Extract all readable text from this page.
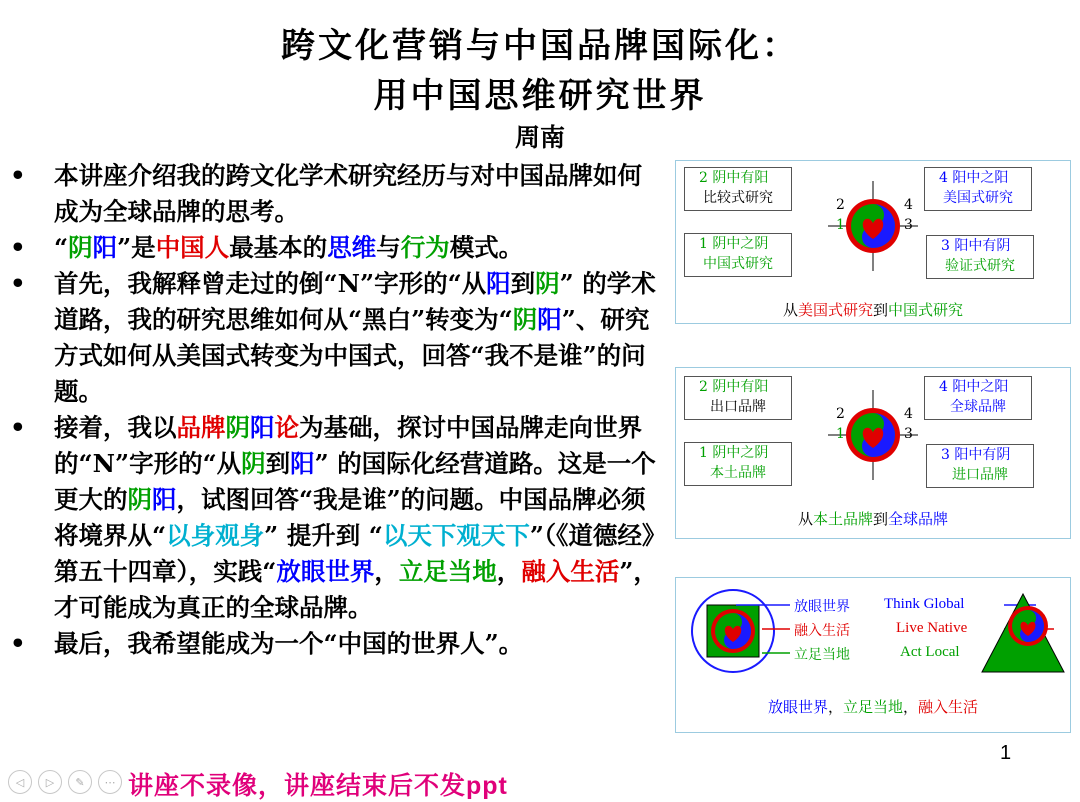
跨文化营销与中国品牌国际化：
用中国思维研究世界
周南
• 本讲座介绍我的跨文化学术研究经历与对中国品牌如何成为全球品牌的思考。
• “阴阳”是中国人最基本的思维与行为模式。
• 首先，我解释曾走过的倒“N”字形的“从阳到阴” 的学术道路，我的研究思维如何从“黑白”转变为“阴阳”、研究方式如何从美国式转变为中国式，回答“我不是谁”的问题。
• 接着，我以品牌阴阳论为基础，探讨中国品牌走向世界的“N”字形的“从阴到阳” 的国际化经营道路。这是一个更大的阴阳，试图回答“我是谁”的问题。中国品牌必须将境界从“以身观身” 提升到 “以天下观天下”（《道德经》第五十四章），实践“放眼世界，立足当地，融入生活”，才可能成为真正的全球品牌。
• 最后，我希望能成为一个“中国的世界人”。
2 阴中有阳
比较式研究
4 阳中之阳
美国式研究
1 阴中之阴
中国式研究
3 阳中有阴
验证式研究
2	4
1	3
从美国式研究到中国式研究
2 阴中有阳
出口品牌
4 阳中之阳
全球品牌
1 阴中之阴
本土品牌
3 阳中有阴
进口品牌
2	4
1	3
从本土品牌到全球品牌
放眼世界
融入生活
立足当地
Think Global
Live Native
Act Local
放眼世界，立足当地，融入生活
1
◁	▷	✎	⋯ 讲座不录像，讲座结束后不发ppt
